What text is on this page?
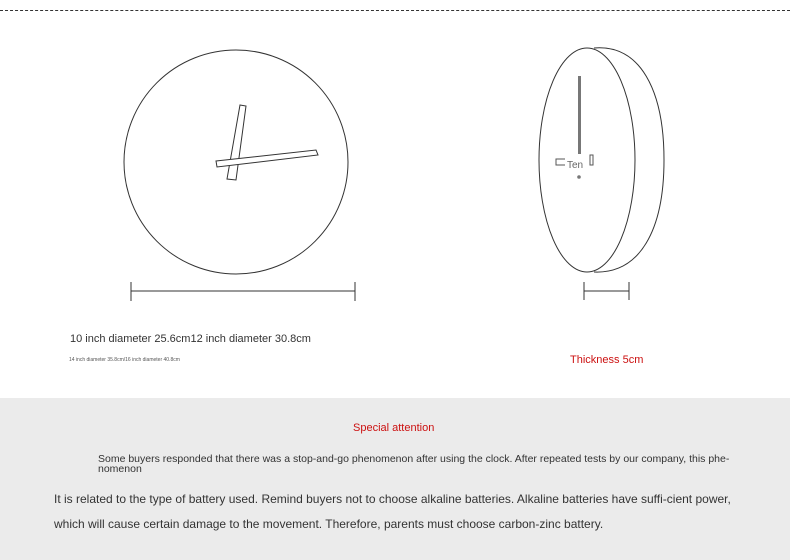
Ten
10 inch diameter 25.6cm12 inch diameter 30.8cm
14 inch diameter 35.8cm/16 inch diameter 40.8cm	Thickness 5cm
Special attention
Some buyers responded that there was a stop-and-go phenomenon after using the clock. After repeated tests by our company, this phe-nomenon
It is related to the type of battery used. Remind buyers not to choose alkaline batteries. Alkaline batteries have suffi-cient power, which will cause certain damage to the movement. Therefore, parents must choose carbon-zinc battery.
